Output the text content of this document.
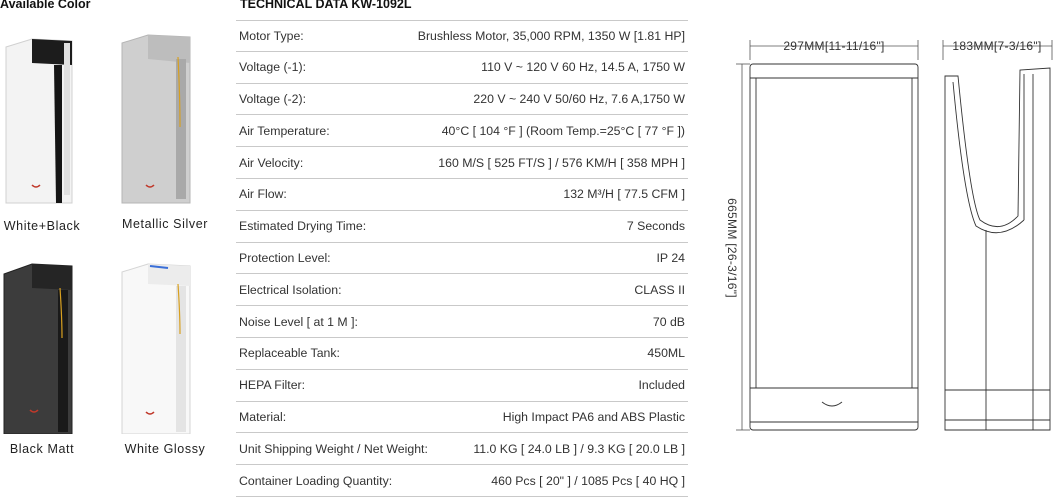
Available Color	TECHNICAL DATA KW-1092L
White+Black	Metallic Silver
Black Matt	White Glossy
Motor Type:	Brushless Motor, 35,000 RPM, 1350 W [1.81 HP]
Voltage (-1):	110 V ~ 120 V 60 Hz, 14.5 A, 1750 W
Voltage (-2):	220 V ~ 240 V 50/60 Hz, 7.6 A,1750 W
Air Temperature:	40°C [ 104 °F ] (Room Temp.=25°C [ 77 °F ])
Air Velocity:	160 M/S [ 525 FT/S ] / 576 KM/H [ 358 MPH ]
Air Flow:	132 M³/H [ 77.5 CFM ]
Estimated Drying Time:	7 Seconds
Protection Level:	IP 24
Electrical Isolation:	CLASS II
Noise Level [ at 1 M ]:	70 dB
Replaceable Tank:	450ML
HEPA Filter:	Included
Material:	High Impact PA6 and ABS Plastic
Unit Shipping Weight / Net Weight:	11.0 KG [ 24.0 LB ] / 9.3 KG [ 20.0 LB ]
Container Loading Quantity:	460 Pcs [ 20" ] / 1085 Pcs [ 40 HQ ]
297MM[11-11/16"]	183MM[7-3/16"]
665MM [26-3/16"]
